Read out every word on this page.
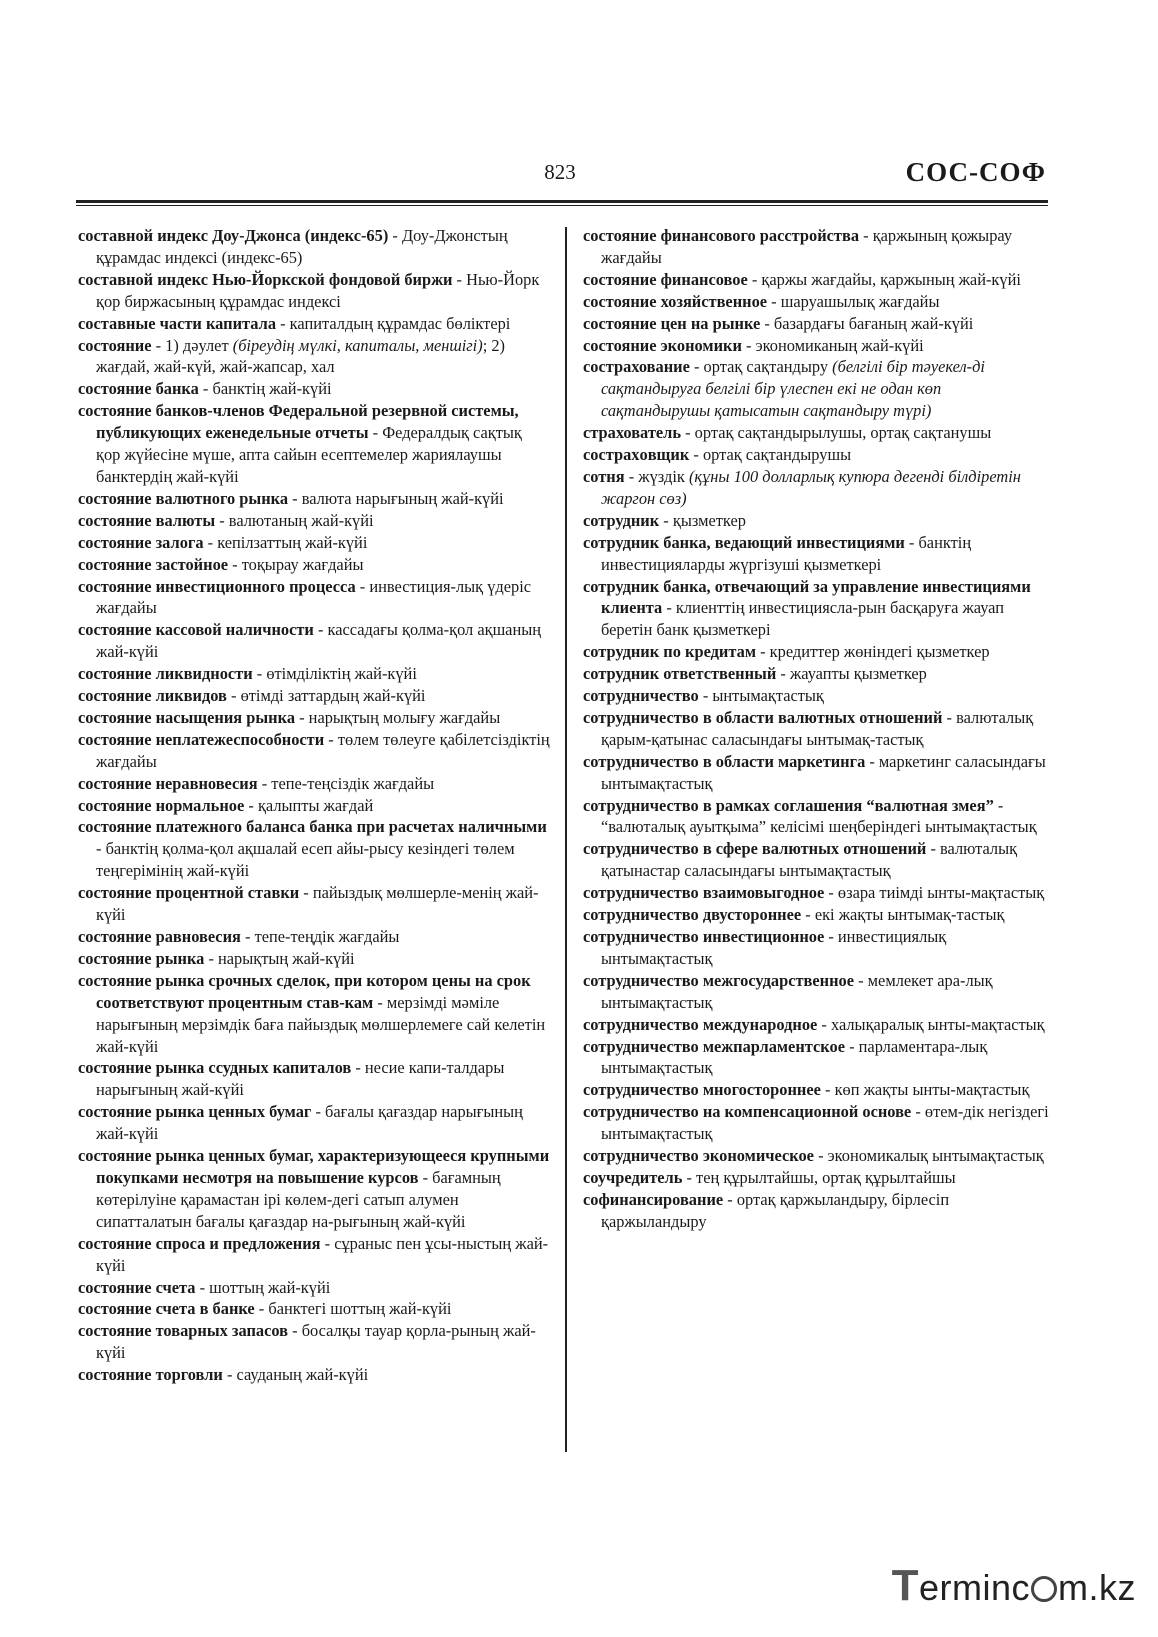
823	СОС-СОФ

составной индекс Доу-Джонса (индекс-65) - Доу-Джонстың құрамдас индексі (индекс-65)

составной индекс Нью-Йоркской фондовой биржи - Нью-Йорк қор биржасының құрамдас индексі

составные части капитала - капиталдың құрамдас бөліктері

состояние - 1) дәулет (біреудің мүлкі, капиталы, меншігі); 2) жағдай, жай-күй, жай-жапсар, хал

состояние банка - банктің жай-күйі

состояние банков-членов Федеральной резервной системы, публикующих еженедельные отчеты - Федералдық сақтық қор жүйесіне мүше, апта сайын есептемелер жариялаушы банктердің жай-күйі

состояние валютного рынка - валюта нарығының жай-күйі

состояние валюты - валютаның жай-күйі

состояние залога - кепілзаттың жай-күйі

состояние застойное - тоқырау жағдайы

состояние инвестиционного процесса - инвестиция-лық үдеріс жағдайы

состояние кассовой наличности - кассадағы қолма-қол ақшаның жай-күйі

состояние ликвидности - өтімділіктің жай-күйі

состояние ликвидов - өтімді заттардың жай-күйі

состояние насыщения рынка - нарықтың молығу жағдайы

состояние неплатежеспособности - төлем төлеуге қабілетсіздіктің жағдайы

состояние неравновесия - тепе-теңсіздік жағдайы

состояние нормальное - қалыпты жағдай

состояние платежного баланса банка при расчетах наличными - банктің қолма-қол ақшалай есеп айы-рысу кезіндегі төлем теңгерімінің жай-күйі

состояние процентной ставки - пайыздық мөлшерле-менің жай-күйі

состояние равновесия - тепе-теңдік жағдайы

состояние рынка - нарықтың жай-күйі

состояние рынка срочных сделок, при котором цены на срок соответствуют процентным став-кам - мерзімді мәміле нарығының мерзімдік баға пайыздық мөлшерлемеге сай келетін жай-күйі

состояние рынка ссудных капиталов - несие капи-талдары нарығының жай-күйі

состояние рынка ценных бумаг - бағалы қағаздар нарығының жай-күйі

состояние рынка ценных бумаг, характеризующееся крупными покупками несмотря на повышение курсов - бағамның көтерілуіне қарамастан ірі көлем-дегі сатып алумен сипатталатын бағалы қағаздар на-рығының жай-күйі

состояние спроса и предложения - сұраныс пен ұсы-ныстың жай-күйі

состояние счета - шоттың жай-күйі

состояние счета в банке - банктегі шоттың жай-күйі

состояние товарных запасов - босалқы тауар қорла-рының жай-күйі

состояние торговли - сауданың жай-күйі

состояние финансового расстройства - қаржының қожырау жағдайы

состояние финансовое - қаржы жағдайы, қаржының жай-күйі

состояние хозяйственное - шаруашылық жағдайы

состояние цен на рынке - базардағы бағаның жай-күйі

состояние экономики - экономиканың жай-күйі

сострахование - ортақ сақтандыру (белгілі бір тәуекел-ді сақтандыруға белгілі бір үлеспен екі не одан көп сақтандырушы қатысатын сақтандыру түрі)

страхователь - ортақ сақтандырылушы, ортақ сақтанушы

сострахoвщик - ортақ сақтандырушы

сотня - жүздік (құны 100 долларлық купюра дегенді білдіретін жаргон сөз)

сотрудник - қызметкер

сотрудник банка, ведающий инвестициями - банктің инвестицияларды жүргізуші қызметкері

сотрудник банка, отвечающий за управление инвестициями клиента - клиенттің инвестициясла-рын басқаруға жауап беретін банк қызметкері

сотрудник по кредитам - кредиттер жөніндегі қызметкер

сотрудник ответственный - жауапты қызметкер

сотрудничество - ынтымақтастық

сотрудничество в области валютных отношений - валюталық қарым-қатынас саласындағы ынтымақ-тастық

сотрудничество в области маркетинга - маркетинг саласындағы ынтымақтастық

сотрудничество в рамках соглашения “валютная змея” - “валюталық ауытқыма” келісімі шеңберіндегі ынтымақтастық

сотрудничество в сфере валютных отношений - валюталық қатынастар саласындағы ынтымақтастық

сотрудничество взаимовыгодное - өзара тиімді ынты-мақтастық

сотрудничество двустороннее - екі жақты ынтымақ-тастық

сотрудничество инвестиционное - инвестициялық ынтымақтастық

сотрудничество межгосударственное - мемлекет ара-лық ынтымақтастық

сотрудничество международное - халықаралық ынты-мақтастық

сотрудничество межпарламентское - парламентара-лық ынтымақтастық

сотрудничество многостороннее - көп жақты ынты-мақтастық

сотрудничество на компенсационной основе - өтем-дік негіздегі ынтымақтастық

сотрудничество экономическое - экономикалық ынтымақтастық

соучредитель - тең құрылтайшы, ортақ құрылтайшы

софинансирование - ортақ қаржыландыру, бірлесіп қаржыландыру

Terminc m.kz
